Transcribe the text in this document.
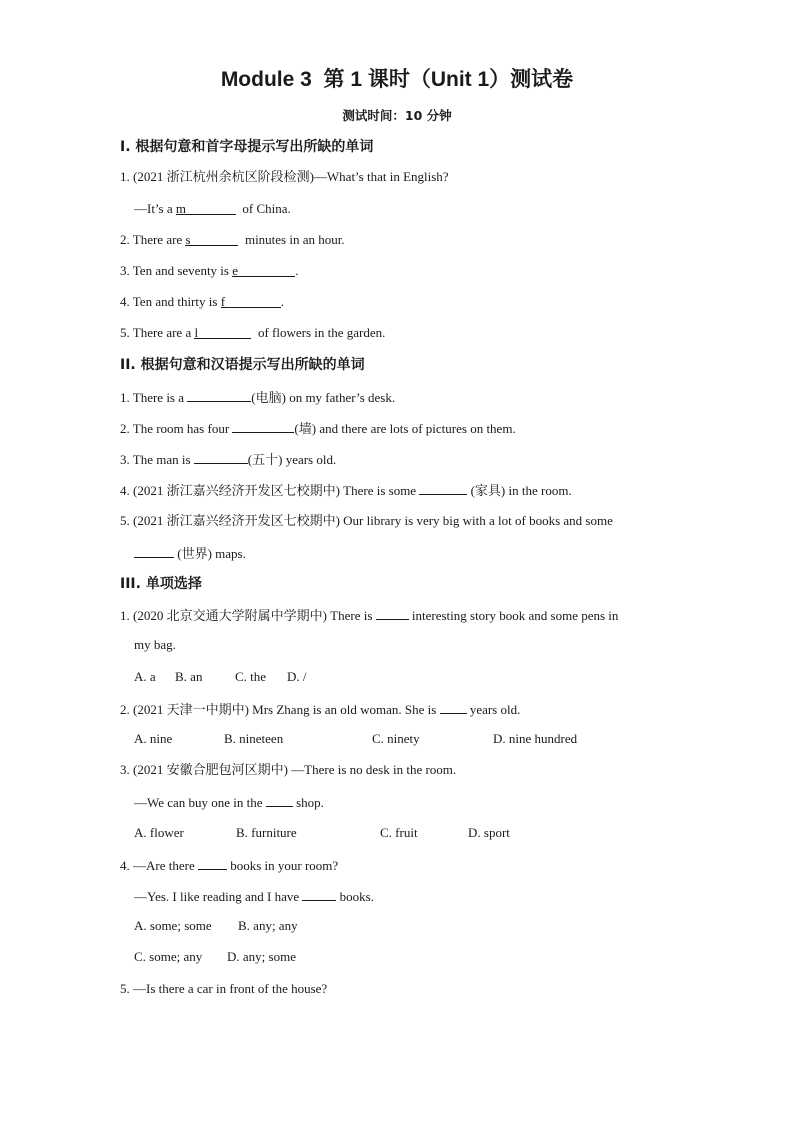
Module 3  第 1 课时（Unit 1）测试卷
测试时间：10 分钟
Ⅰ. 根据句意和首字母提示写出所缺的单词
1. (2021 浙江杭州余杭区阶段检测)—What’s that in English?
—It’s a m	of China.
2. There are s	minutes in an hour.
3. Ten and seventy is e	.
4. Ten and thirty is f	.
5. There are a l	of flowers in the garden.
II. 根据句意和汉语提示写出所缺的单词
1. There is a	(电脑) on my father’s desk.
2. The room has four	(墙) and there are lots of pictures on them.
3. The man is	(五十) years old.
4. (2021 浙江嘉兴经济开发区七校期中) There is some	(家具) in the room.
5. (2021 浙江嘉兴经济开发区七校期中) Our library is very big with a lot of books and some
(世界) maps.
III. 单项选择
1. (2020 北京交通大学附属中学期中) There is	interesting story book and some pens in
my bag.
A. a B. an	C. the D. /
2. (2021 天津一中期中) Mrs Zhang is an old woman. She is  years old.
A. nine	B. nineteen	C. ninety	D. nine hundred
3. (2021 安徽合肥包河区期中) —There is no desk in the room.
—We can buy one in the  shop.
A. flower	B. furniture	C. fruit	D. sport
4. —Are there  books in your room?
—Yes. I like reading and I have	books.
A. some; some B. any; any
C. some; any D. any; some
5. —Is there a car in front of the house?
